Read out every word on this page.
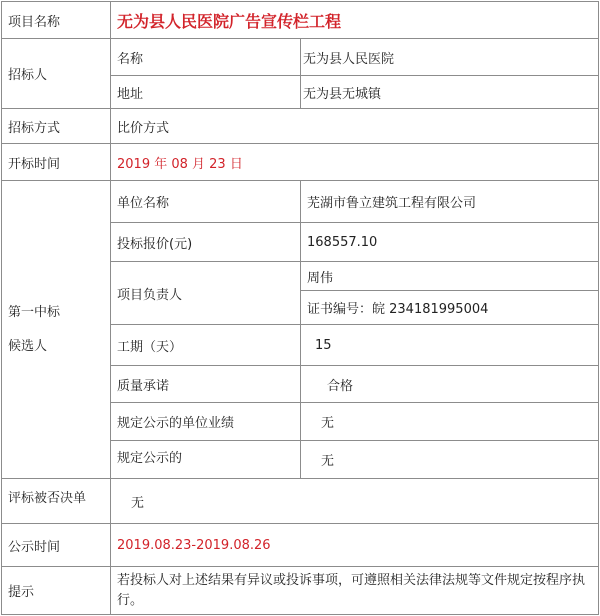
项目名称	无为县人民医院广告宣传栏工程	
招标人	名称	无为县人民医院
	地址	无为县无城镇
招标方式	比价方式	
开标时间	2019 年 08 月 23 日	

第一中标
候选人	单位名称	芜湖市鲁立建筑工程有限公司
	投标报价(元)	168557.10
	项目负责人	周伟
		证书编号：皖 234181995004
	工期（天）	15
	质量承诺	合格
	规定公示的单位业绩	无
	规定公示的	无
评标被否决单	无	
公示时间	2019.08.23-2019.08.26	
提示	若投标人对上述结果有异议或投诉事项，可遵照相关法律法规等文件规定按程序执行。	
